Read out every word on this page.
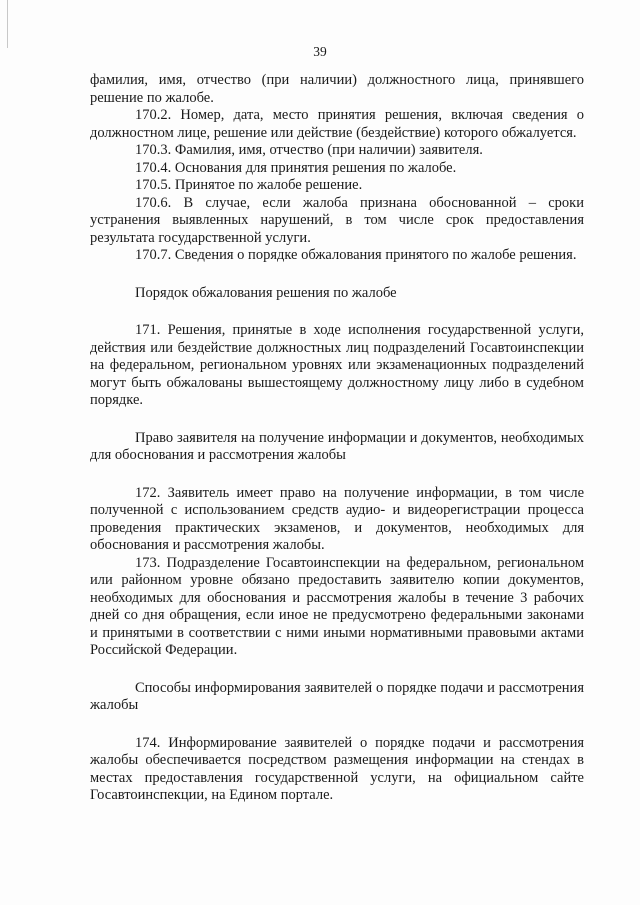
39

фамилия, имя, отчество (при наличии) должностного лица, принявшего решение по жалобе.

170.2. Номер, дата, место принятия решения, включая сведения о должностном лице, решение или действие (бездействие) которого обжалуется.

170.3. Фамилия, имя, отчество (при наличии) заявителя.

170.4. Основания для принятия решения по жалобе.

170.5. Принятое по жалобе решение.

170.6. В случае, если жалоба признана обоснованной – сроки устранения выявленных нарушений, в том числе срок предоставления результата государственной услуги.

170.7. Сведения о порядке обжалования принятого по жалобе решения.

Порядок обжалования решения по жалобе

171. Решения, принятые в ходе исполнения государственной услуги, действия или бездействие должностных лиц подразделений Госавтоинспекции на федеральном, региональном уровнях или экзаменационных подразделений могут быть обжалованы вышестоящему должностному лицу либо в судебном порядке.

Право заявителя на получение информации и документов, необходимых для обоснования и рассмотрения жалобы

172. Заявитель имеет право на получение информации, в том числе полученной с использованием средств аудио- и видеорегистрации процесса проведения практических экзаменов, и документов, необходимых для обоснования и рассмотрения жалобы.

173. Подразделение Госавтоинспекции на федеральном, региональном или районном уровне обязано предоставить заявителю копии документов, необходимых для обоснования и рассмотрения жалобы в течение 3 рабочих дней со дня обращения, если иное не предусмотрено федеральными законами и принятыми в соответствии с ними иными нормативными правовыми актами Российской Федерации.

Способы информирования заявителей о порядке подачи и рассмотрения жалобы

174. Информирование заявителей о порядке подачи и рассмотрения жалобы обеспечивается посредством размещения информации на стендах в местах предоставления государственной услуги, на официальном сайте Госавтоинспекции, на Едином портале.
